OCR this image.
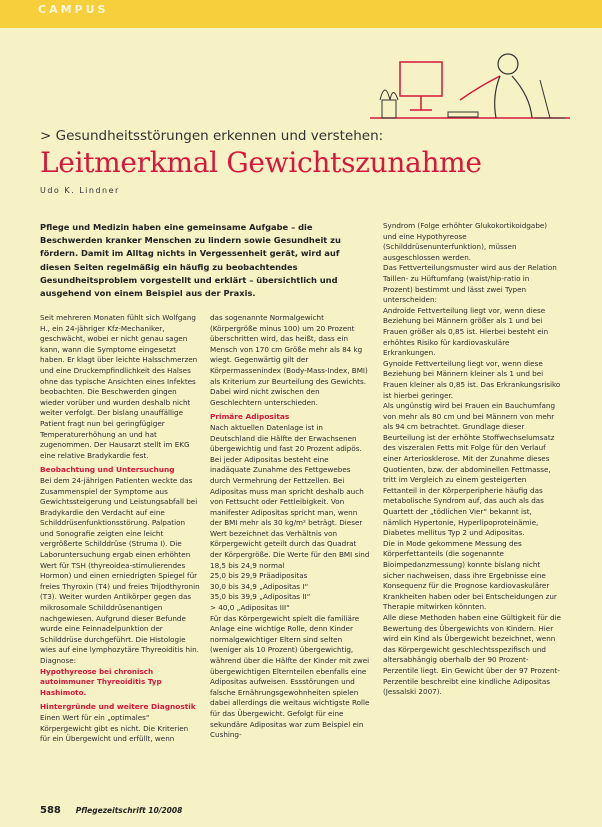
CAMPUS
> Gesundheitsstörungen erkennen und verstehen:
Leitmerkmal Gewichtszunahme
Udo K. Lindner
Pflege und Medizin haben eine gemeinsame Aufgabe – die Beschwerden kranker Menschen zu lindern sowie Gesundheit zu fördern. Damit im Alltag nichts in Vergessenheit gerät, wird auf diesen Seiten regelmäßig ein häufig zu beobachtendes Gesundheitsproblem vorgestellt und erklärt – übersichtlich und ausgehend von einem Beispiel aus der Praxis.

Seit mehreren Monaten fühlt sich Wolfgang H., ein 24-jähriger Kfz-Mechaniker, geschwächt, wobei er nicht genau sagen kann, wann die Symptome eingesetzt haben. Er klagt über leichte Halsschmerzen und eine Druckempfindlichkeit des Halses ohne das typische Ansichten eines Infektes beobachten. Die Beschwerden gingen wieder vorüber und wurden deshalb nicht weiter verfolgt. Der bislang unauffällige Patient fragt nun bei geringfügiger Temperaturerhöhung an und hat zugenommen. Der Hausarzt stellt im EKG eine relative Bradykardie fest.

Beobachtung und Untersuchung

Bei dem 24-jährigen Patienten weckte das Zusammenspiel der Symptome aus Gewichtssteigerung und Leistungsabfall bei Bradykardie den Verdacht auf eine Schilddrüsenfunktionsstörung. Palpation und Sonografie zeigten eine leicht vergrößerte Schilddrüse (Struma I). Die Laboruntersuchung ergab einen erhöhten Wert für TSH (thyreoidea-stimulierendes Hormon) und einen erniedrigten Spiegel für freies Thyroxin (T4) und freies Trijodthyronin (T3). Weiter wurden Antikörper gegen das mikrosomale Schilddrüsenantigen nachgewiesen. Aufgrund dieser Befunde wurde eine Feinnadelpunktion der Schilddrüse durchgeführt. Die Histologie wies auf eine lymphozytäre Thyreoiditis hin. Diagnose:

Hypothyreose bei chronisch autoimmuner Thyreoiditis Typ Hashimoto.

Hintergründe und weitere Diagnostik

Einen Wert für ein „optimales“ Körpergewicht gibt es nicht. Die Kriterien für ein Übergewicht und erfüllt, wenn

das sogenannte Normalgewicht (Körpergröße minus 100) um 20 Prozent überschritten wird, das heißt, dass ein Mensch von 170 cm Größe mehr als 84 kg wiegt. Gegenwärtig gilt der Körpermassenindex (Body-Mass-Index, BMI) als Kriterium zur Beurteilung des Gewichts. Dabei wird nicht zwischen den Geschlechtern unterschieden.

Primäre Adipositas

Nach aktuellen Datenlage ist in Deutschland die Hälfte der Erwachsenen übergewichtig und fast 20 Prozent adipös. Bei jeder Adipositas besteht eine inadäquate Zunahme des Fettgewebes durch Vermehrung der Fettzellen. Bei Adipositas muss man spricht deshalb auch von Fettsucht oder Fettleibigkeit. Von manifester Adipositas spricht man, wenn der BMI mehr als 30 kg/m² beträgt. Dieser Wert bezeichnet das Verhältnis von Körpergewicht geteilt durch das Quadrat der Körpergröße. Die Werte für den BMI sind

18,5 bis 24,9 normal

25,0 bis 29,9 Präadipositas

30,0 bis 34,9 „Adipositas I“

35,0 bis 39,9 „Adipositas II“

> 40,0 „Adipositas III“

Für das Körpergewicht spielt die familiäre Anlage eine wichtige Rolle, denn Kinder normalgewichtiger Eltern sind selten (weniger als 10 Prozent) übergewichtig, während über die Hälfte der Kinder mit zwei übergewichtigen Elternteilen ebenfalls eine Adipositas aufweisen. Essstörungen und falsche Ernährungsgewohnheiten spielen dabei allerdings die weitaus wichtigste Rolle für das Übergewicht. Gefolgt für eine sekundäre Adipositas war zum Beispiel ein Cushing-

Syndrom (Folge erhöhter Glukokortikoidgabe) und eine Hypothyreose (Schilddrüsenunterfunktion), müssen ausgeschlossen werden.

Das Fettverteilungsmuster wird aus der Relation Taillen- zu Hüftumfang (waist/hip-ratio in Prozent) bestimmt und lässt zwei Typen unterscheiden:

Androide Fettverteilung liegt vor, wenn diese Beziehung bei Männern größer als 1 und bei Frauen größer als 0,85 ist. Hierbei besteht ein erhöhtes Risiko für kardiovaskuläre Erkrankungen.

Gynoide Fettverteilung liegt vor, wenn diese Beziehung bei Männern kleiner als 1 und bei Frauen kleiner als 0,85 ist. Das Erkrankungsrisiko ist hierbei geringer.

Als ungünstig wird bei Frauen ein Bauchumfang von mehr als 80 cm und bei Männern von mehr als 94 cm betrachtet. Grundlage dieser Beurteilung ist der erhöhte Stoffwechselumsatz des viszeralen Fetts mit Folge für den Verlauf einer Arteriosklerose. Mit der Zunahme dieses Quotienten, bzw. der abdominellen Fettmasse, tritt im Vergleich zu einem gesteigerten Fettanteil in der Körperperipherie häufig das metabolische Syndrom auf, das auch als das Quartett der „tödlichen Vier“ bekannt ist, nämlich Hypertonie, Hyperlipoproteinämie, Diabetes mellitus Typ 2 und Adipositas.

Die in Mode gekommene Messung des Körperfettanteils (die sogenannte Bioimpedanzmessung) konnte bislang nicht sicher nachweisen, dass ihre Ergebnisse eine Konsequenz für die Prognose kardiovaskulärer Krankheiten haben oder bei Entscheidungen zur Therapie mitwirken könnten.

Alle diese Methoden haben eine Gültigkeit für die Bewertung des Übergewichts von Kindern. Hier wird ein Kind als Übergewicht bezeichnet, wenn das Körpergewicht geschlechtsspezifisch und altersabhängig oberhalb der 90 Prozent-Perzentile liegt. Ein Gewicht über der 97 Prozent-Perzentile beschreibt eine kindliche Adipositas (Jessalski 2007).

588 Pflegezeitschrift 10/2008
